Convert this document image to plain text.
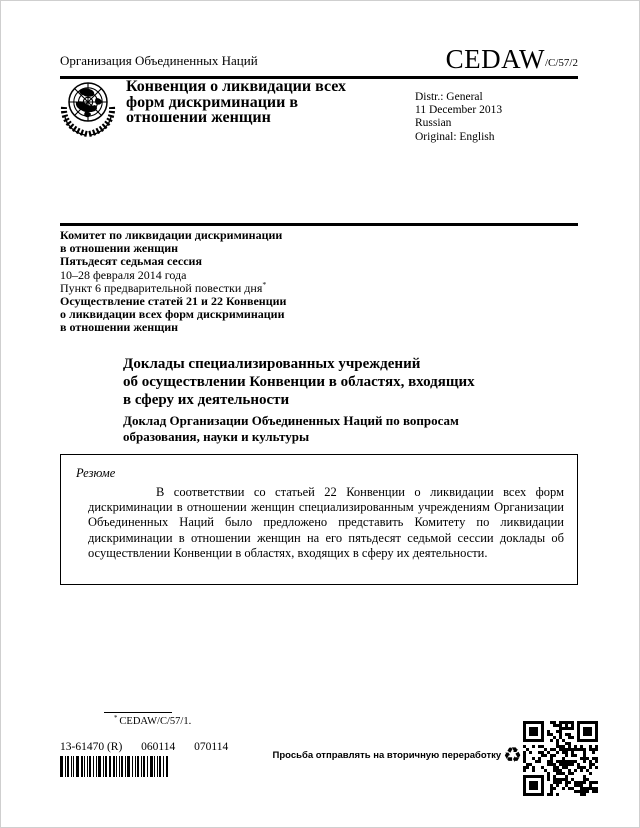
Организация Объединенных Наций	CEDAW /C/57/2
Конвенция о ликвидации всех
форм дискриминации в
отношении женщин
Distr.: General
11 December 2013
Russian
Original: English
Комитет по ликвидации дискриминации
в отношении женщин
Пятьдесят седьмая сессия
10–28 февраля 2014 года
Пункт 6 предварительной повестки дня*
Осуществление статей 21 и 22 Конвенции
о ликвидации всех форм дискриминации
в отношении женщин
Доклады специализированных учреждений
об осуществлении Конвенции в областях, входящих
в сферу их деятельности
Доклад Организации Объединенных Наций по вопросам
образования, науки и культуры
Резюме
В соответствии со статьей 22 Конвенции о ликвидации всех форм дискриминации в отношении женщин специализированным учреждениям Организации Объединенных Наций было предложено представить Комитету по ликвидации дискриминации в отношении женщин на его пятьдесят седьмой сессии доклады об осуществлении Конвенции в областях, входящих в сферу их деятельности.
* CEDAW/C/57/1.
13-61470 (R) 060114 070114
Просьба отправлять на вторичную переработку ♻
